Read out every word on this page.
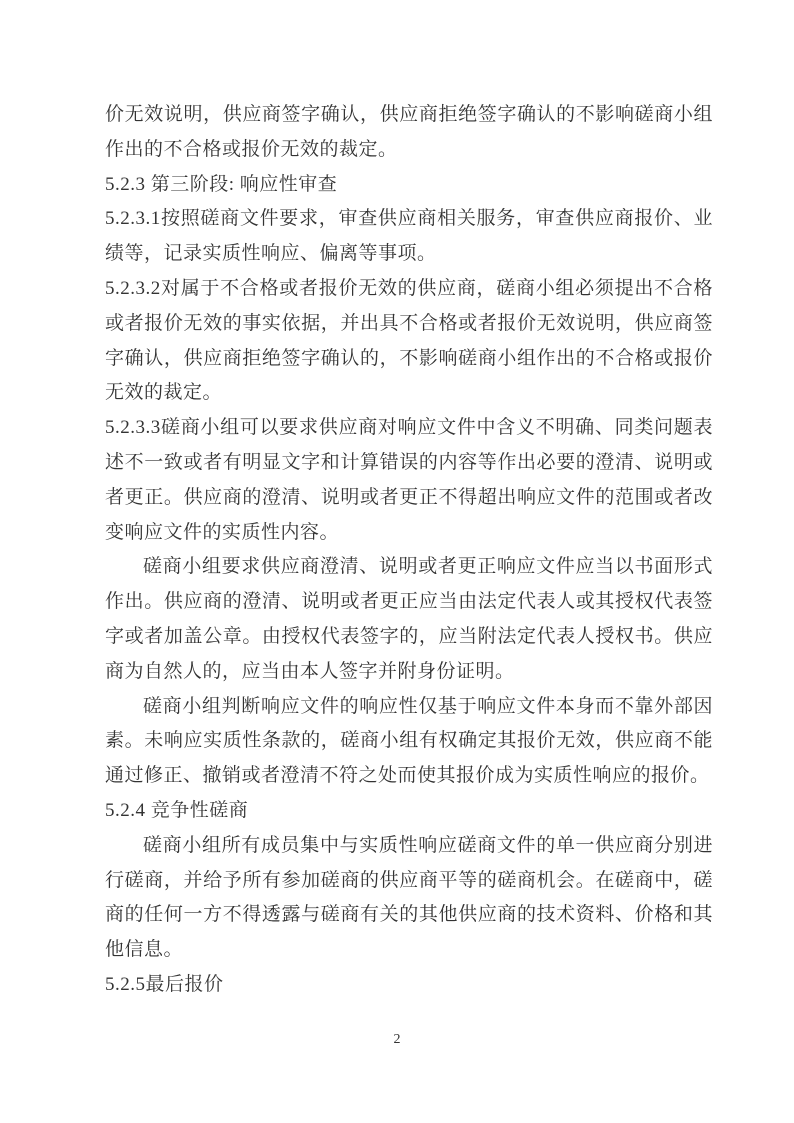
价无效说明，供应商签字确认，供应商拒绝签字确认的不影响磋商小组作出的不合格或报价无效的裁定。

5.2.3 第三阶段: 响应性审查

5.2.3.1按照磋商文件要求，审查供应商相关服务，审查供应商报价、业绩等，记录实质性响应、偏离等事项。

5.2.3.2对属于不合格或者报价无效的供应商，磋商小组必须提出不合格或者报价无效的事实依据，并出具不合格或者报价无效说明，供应商签字确认，供应商拒绝签字确认的，不影响磋商小组作出的不合格或报价无效的裁定。

5.2.3.3磋商小组可以要求供应商对响应文件中含义不明确、同类问题表述不一致或者有明显文字和计算错误的内容等作出必要的澄清、说明或者更正。供应商的澄清、说明或者更正不得超出响应文件的范围或者改变响应文件的实质性内容。

磋商小组要求供应商澄清、说明或者更正响应文件应当以书面形式作出。供应商的澄清、说明或者更正应当由法定代表人或其授权代表签字或者加盖公章。由授权代表签字的，应当附法定代表人授权书。供应商为自然人的，应当由本人签字并附身份证明。

磋商小组判断响应文件的响应性仅基于响应文件本身而不靠外部因素。未响应实质性条款的，磋商小组有权确定其报价无效，供应商不能通过修正、撤销或者澄清不符之处而使其报价成为实质性响应的报价。

5.2.4 竞争性磋商

磋商小组所有成员集中与实质性响应磋商文件的单一供应商分别进行磋商，并给予所有参加磋商的供应商平等的磋商机会。在磋商中，磋商的任何一方不得透露与磋商有关的其他供应商的技术资料、价格和其他信息。

5.2.5最后报价

2
